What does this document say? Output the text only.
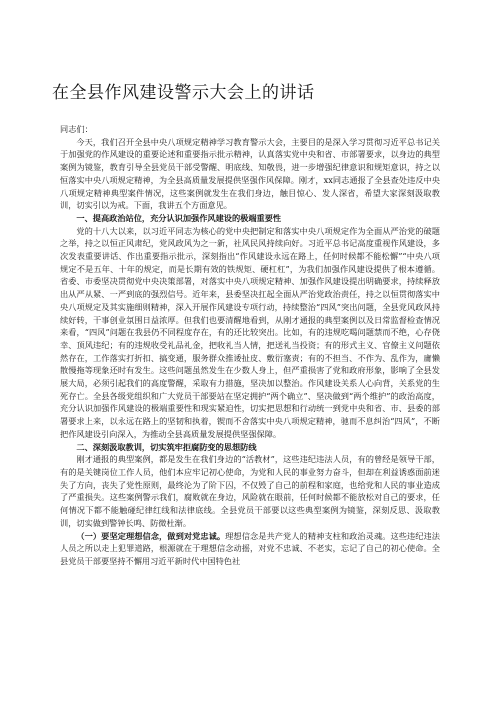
在全县作风建设警示大会上的讲话

同志们：

今天，我们召开全县中央八项规定精神学习教育警示大会，主要目的是深入学习贯彻习近平总书记关于加强党的作风建设的重要论述和重要指示批示精神，认真落实党中央和省、市部署要求，以身边的典型案例为镜鉴，教育引导全县党员干部受警醒、明底线、知敬畏，进一步增强纪律意识和规矩意识，持之以恒落实中央八项规定精神，为全县高质量发展提供坚强作风保障。刚才，xx同志通报了全县查处违反中央八项规定精神典型案件情况，这些案例就发生在我们身边，触目惊心、发人深省，希望大家深刻汲取教训，切实引以为戒。下面，我讲五个方面意见。

一、提高政治站位，充分认识加强作风建设的极端重要性

党的十八大以来，以习近平同志为核心的党中央把制定和落实中央八项规定作为全面从严治党的破题之举，持之以恒正风肃纪，党风政风为之一新，社风民风持续向好。习近平总书记高度重视作风建设，多次发表重要讲话、作出重要指示批示，深刻指出“作风建设永远在路上，任何时候都不能松懈”“中央八项规定不是五年、十年的规定，而是长期有效的铁规矩、硬杠杠”，为我们加强作风建设提供了根本遵循。省委、市委坚决贯彻党中央决策部署，对落实中央八项规定精神、加强作风建设提出明确要求，持续释放出从严从紧、一严到底的强烈信号。近年来，县委坚决扛起全面从严治党政治责任，持之以恒贯彻落实中央八项规定及其实施细则精神，深入开展作风建设专项行动，持续整治“四风”突出问题，全县党风政风持续好转，干事创业氛围日益浓厚。但我们也要清醒地看到，从刚才通报的典型案例以及日常监督检查情况来看，“四风”问题在我县仍不同程度存在，有的还比较突出。比如，有的违规吃喝问题禁而不绝，心存侥幸、顶风违纪；有的违规收受礼品礼金，把收礼当人情，把送礼当投资；有的形式主义、官僚主义问题依然存在，工作落实打折扣、搞变通，服务群众推诿扯皮、敷衍塞责；有的不担当、不作为、乱作为，庸懒散慢拖等现象还时有发生。这些问题虽然发生在少数人身上，但严重损害了党和政府形象，影响了全县发展大局，必须引起我们的高度警醒，采取有力措施，坚决加以整治。作风建设关系人心向背，关系党的生死存亡。全县各级党组织和广大党员干部要站在坚定拥护“两个确立”、坚决做到“两个维护”的政治高度，充分认识加强作风建设的极端重要性和现实紧迫性，切实把思想和行动统一到党中央和省、市、县委的部署要求上来，以永远在路上的坚韧和执着，锲而不舍落实中央八项规定精神，驰而不息纠治“四风”，不断把作风建设引向深入，为推动全县高质量发展提供坚强保障。

二、深刻汲取教训，切实筑牢拒腐防变的思想防线

刚才通报的典型案例，都是发生在我们身边的“活教材”，这些违纪违法人员，有的曾经是领导干部，有的是关键岗位工作人员，他们本应牢记初心使命，为党和人民的事业努力奋斗，但却在利益诱惑面前迷失了方向，丧失了党性原则，最终沦为了阶下囚，不仅毁了自己的前程和家庭，也给党和人民的事业造成了严重损失。这些案例警示我们，腐败就在身边，风险就在眼前，任何时候都不能放松对自己的要求，任何情况下都不能触碰纪律红线和法律底线。全县党员干部要以这些典型案例为镜鉴，深刻反思、汲取教训，切实做到警钟长鸣、防微杜渐。

（一）要坚定理想信念，做到对党忠诚。理想信念是共产党人的精神支柱和政治灵魂。这些违纪违法人员之所以走上犯罪道路，根源就在于理想信念动摇，对党不忠诚、不老实，忘记了自己的初心使命。全县党员干部要坚持不懈用习近平新时代中国特色社
